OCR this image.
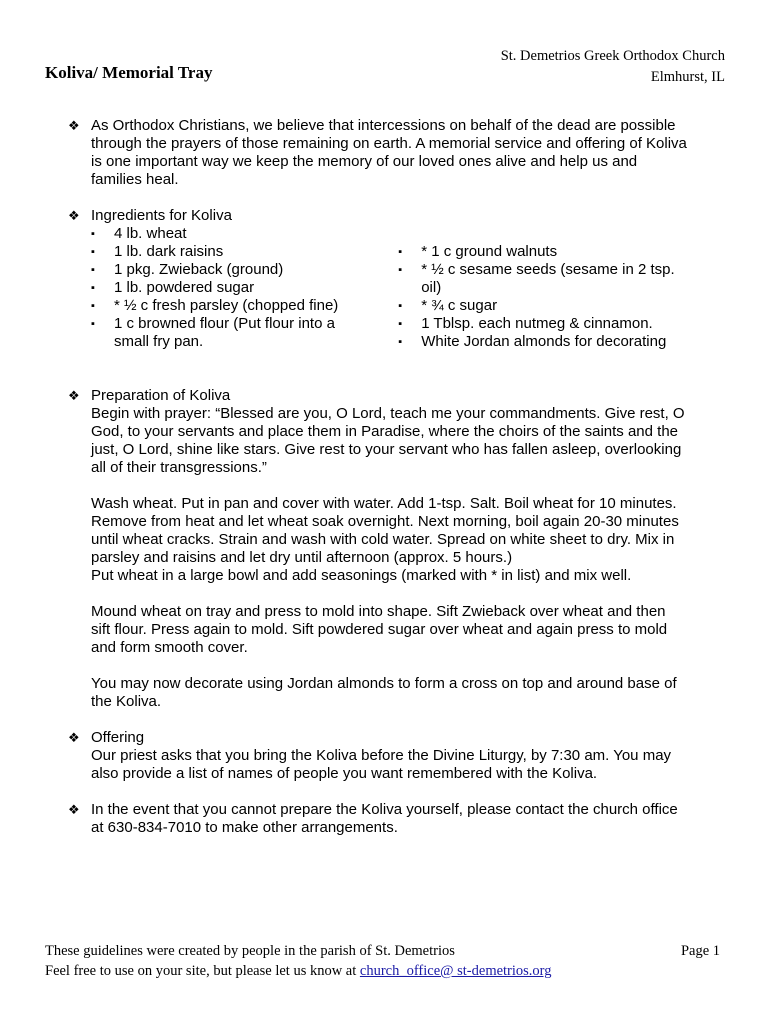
St. Demetrios Greek Orthodox Church
Elmhurst, IL
Koliva/ Memorial Tray
❖ As Orthodox Christians, we believe that intercessions on behalf of the dead are possible through the prayers of those remaining on earth. A memorial service and offering of Koliva is one important way we keep the memory of our loved ones alive and help us and families heal.

❖ Ingredients for Koliva
▪ 4 lb. wheat
▪ 1 lb. dark raisins
▪ 1 pkg. Zwieback (ground)
▪ 1 lb. powdered sugar
▪ * ½ c fresh parsley (chopped fine)
▪ 1 c browned flour (Put flour into a small fry pan.
▪ * 1 c ground walnuts
▪ * ½ c sesame seeds (sesame in 2 tsp. oil)
▪ * ¾ c sugar
▪ 1 Tblsp. each nutmeg & cinnamon.
▪ White Jordan almonds for decorating
❖ Preparation of Koliva

Begin with prayer: “Blessed are you, O Lord, teach me your commandments. Give rest, O God, to your servants and place them in Paradise, where the choirs of the saints and the just, O Lord, shine like stars. Give rest to your servant who has fallen asleep, overlooking all of their transgressions.”

Wash wheat. Put in pan and cover with water. Add 1-tsp. Salt. Boil wheat for 10 minutes. Remove from heat and let wheat soak overnight. Next morning, boil again 20-30 minutes until wheat cracks. Strain and wash with cold water. Spread on white sheet to dry. Mix in parsley and raisins and let dry until afternoon (approx. 5 hours.)

Put wheat in a large bowl and add seasonings (marked with * in list) and mix well.

Mound wheat on tray and press to mold into shape. Sift Zwieback over wheat and then sift flour. Press again to mold. Sift powdered sugar over wheat and again press to mold and form smooth cover.

You may now decorate using Jordan almonds to form a cross on top and around base of the Koliva.

❖ Offering

Our priest asks that you bring the Koliva before the Divine Liturgy, by 7:30 am. You may also provide a list of names of people you want remembered with the Koliva.

❖ In the event that you cannot prepare the Koliva yourself, please contact the church office at 630-834-7010 to make other arrangements.

These guidelines were created by people in the parish of St. Demetrios
Feel free to use on your site, but please let us know at church_office@ st-demetrios.org
Page 1
